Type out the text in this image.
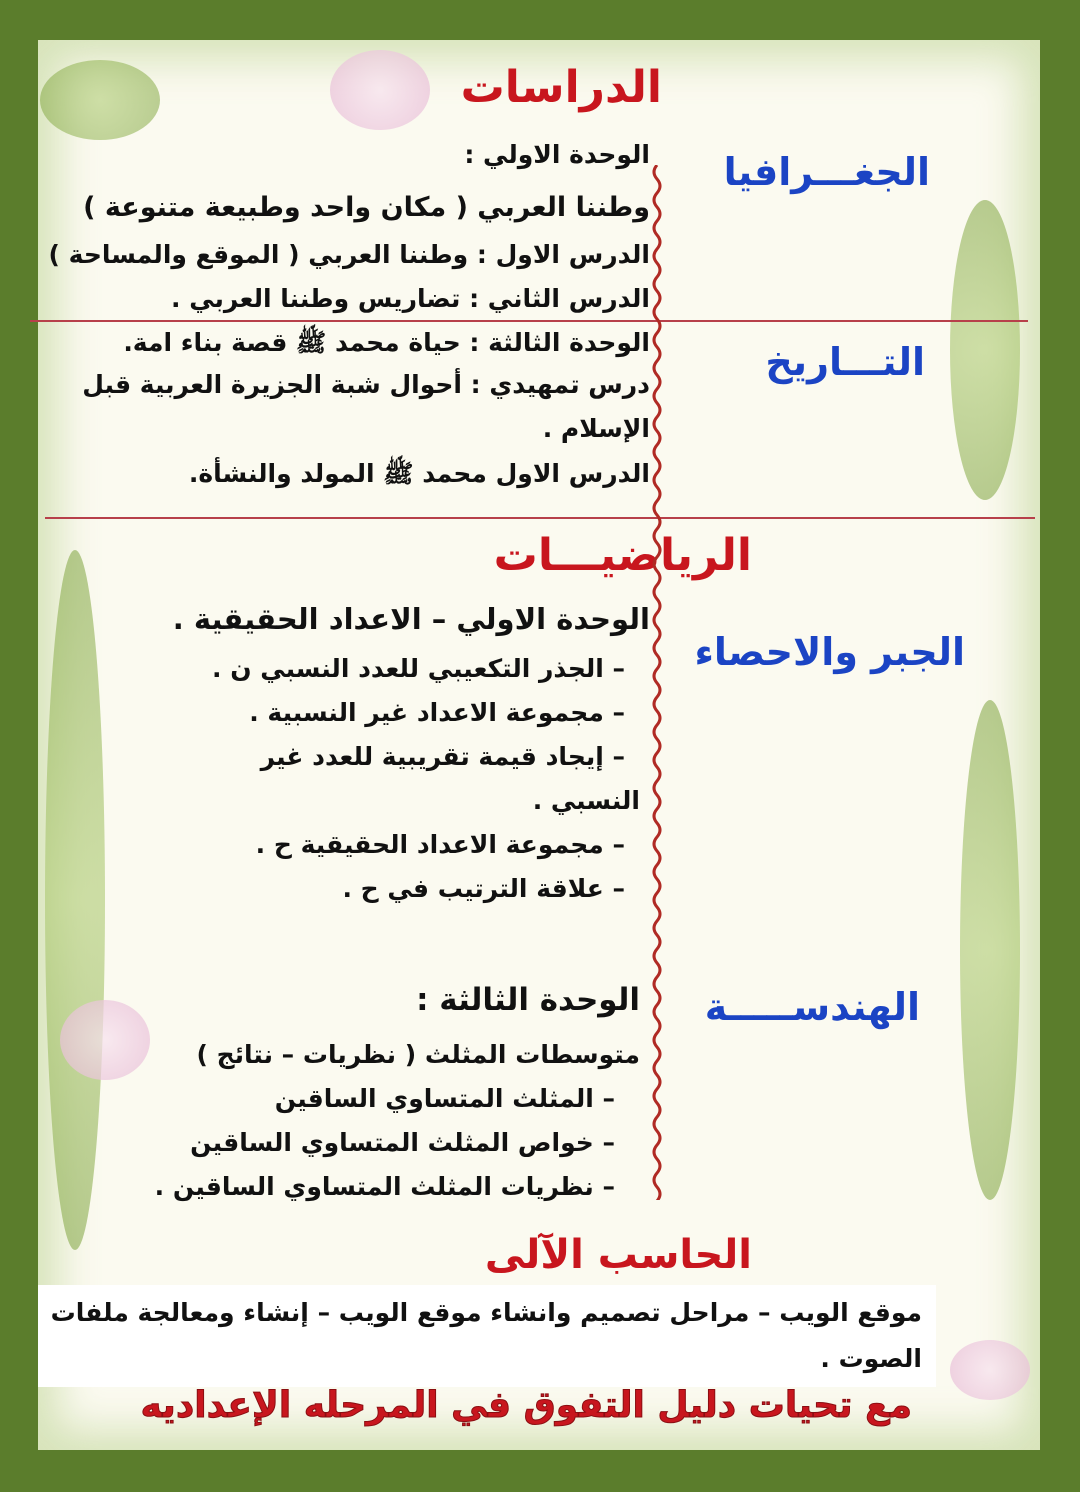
الدراسات
الجغـــرافيا
الوحدة الاولي :
وطننا العربي ( مكان واحد وطبيعة متنوعة )
الدرس الاول : وطننا العربي ( الموقع والمساحة )
الدرس الثاني : تضاريس وطننا العربي .
التـــاريخ
الوحدة الثالثة : حياة محمد ﷺ قصة بناء امة.
درس تمهيدي : أحوال شبة الجزيرة العربية قبل
الإسلام .
الدرس الاول محمد ﷺ المولد والنشأة.
الرياضيـــات
الجبر والاحصاء
الوحدة الاولي – الاعداد الحقيقية .
– الجذر التكعيبي للعدد النسبي ن .
– مجموعة الاعداد غير النسبية .
– إيجاد قيمة تقريبية للعدد غير
النسبي .
– مجموعة الاعداد الحقيقية ح .
– علاقة الترتيب في ح .
الهندســـــة
الوحدة الثالثة :
متوسطات المثلث ( نظريات – نتائج )
– المثلث المتساوي الساقين
– خواص المثلث المتساوي الساقين
– نظريات المثلث المتساوي الساقين .
الحاسب الآلى
موقع الويب – مراحل تصميم وانشاء موقع الويب – إنشاء ومعالجة ملفات
الصوت .
مع تحيات دليل التفوق في المرحله الإعداديه
